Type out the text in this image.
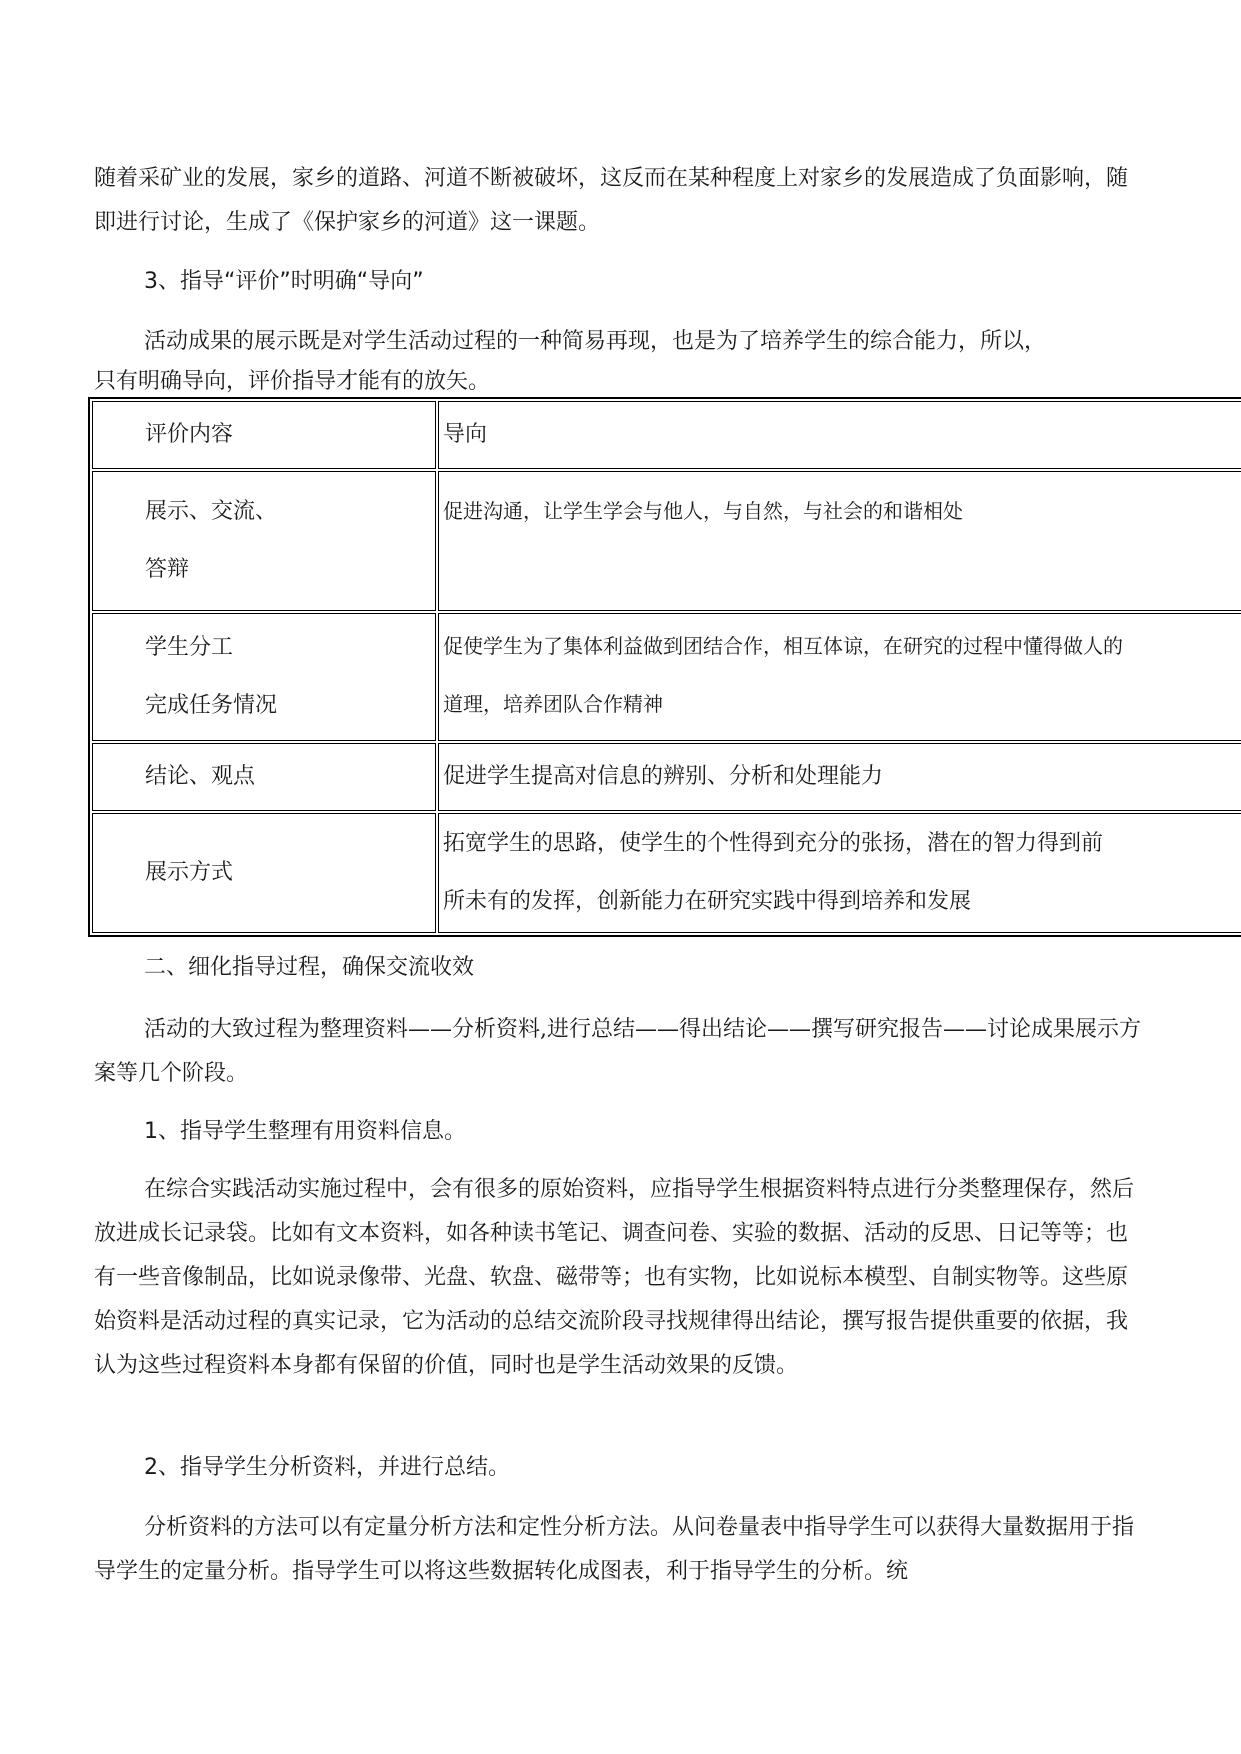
随着采矿业的发展，家乡的道路、河道不断被破坏，这反而在某种程度上对家乡的发展造成了负面影响，随即进行讨论，生成了《保护家乡的河道》这一课题。

3、指导“评价”时明确“导向”

活动成果的展示既是对学生活动过程的一种简易再现，也是为了培养学生的综合能力，所以，

只有明确导向，评价指导才能有的放矢。

评价内容	导向

展示、交流、
答辩	促进沟通，让学生学会与他人，与自然，与社会的和谐相处

学生分工
完成任务情况	促使学生为了集体利益做到团结合作，相互体谅，在研究的过程中懂得做人的
道理，培养团队合作精神

结论、观点	促进学生提高对信息的辨别、分析和处理能力

展示方式	拓宽学生的思路，使学生的个性得到充分的张扬，潜在的智力得到前
所未有的发挥，创新能力在研究实践中得到培养和发展

二、细化指导过程，确保交流收效

活动的大致过程为整理资料——分析资料,进行总结——得出结论——撰写研究报告——讨论成果展示方案等几个阶段。

1、指导学生整理有用资料信息。

在综合实践活动实施过程中，会有很多的原始资料，应指导学生根据资料特点进行分类整理保存，然后放进成长记录袋。比如有文本资料，如各种读书笔记、调查问卷、实验的数据、活动的反思、日记等等；也有一些音像制品，比如说录像带、光盘、软盘、磁带等；也有实物，比如说标本模型、自制实物等。这些原始资料是活动过程的真实记录，它为活动的总结交流阶段寻找规律得出结论，撰写报告提供重要的依据，我认为这些过程资料本身都有保留的价值，同时也是学生活动效果的反馈。

2、指导学生分析资料，并进行总结。

分析资料的方法可以有定量分析方法和定性分析方法。从问卷量表中指导学生可以获得大量数据用于指导学生的定量分析。指导学生可以将这些数据转化成图表，利于指导学生的分析。统
